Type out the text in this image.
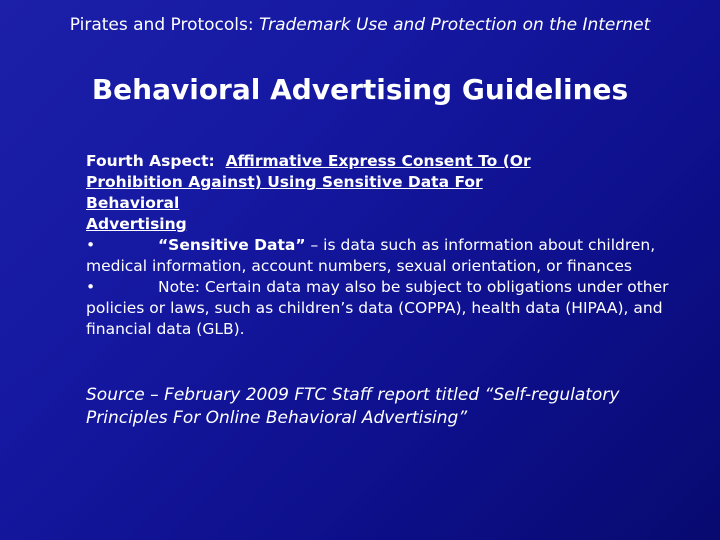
Pirates and Protocols: Trademark Use and Protection on the Internet
Behavioral Advertising Guidelines
Fourth Aspect: Affirmative Express Consent To (Or
Prohibition Against) Using Sensitive Data For
Behavioral
Advertising
•	“Sensitive Data” – is data such as information about children, medical information, account numbers, sexual orientation, or finances
•	Note: Certain data may also be subject to obligations under other policies or laws, such as children’s data (COPPA), health data (HIPAA), and financial data (GLB).
Source – February 2009 FTC Staff report titled “Self-regulatory
Principles For Online Behavioral Advertising”
